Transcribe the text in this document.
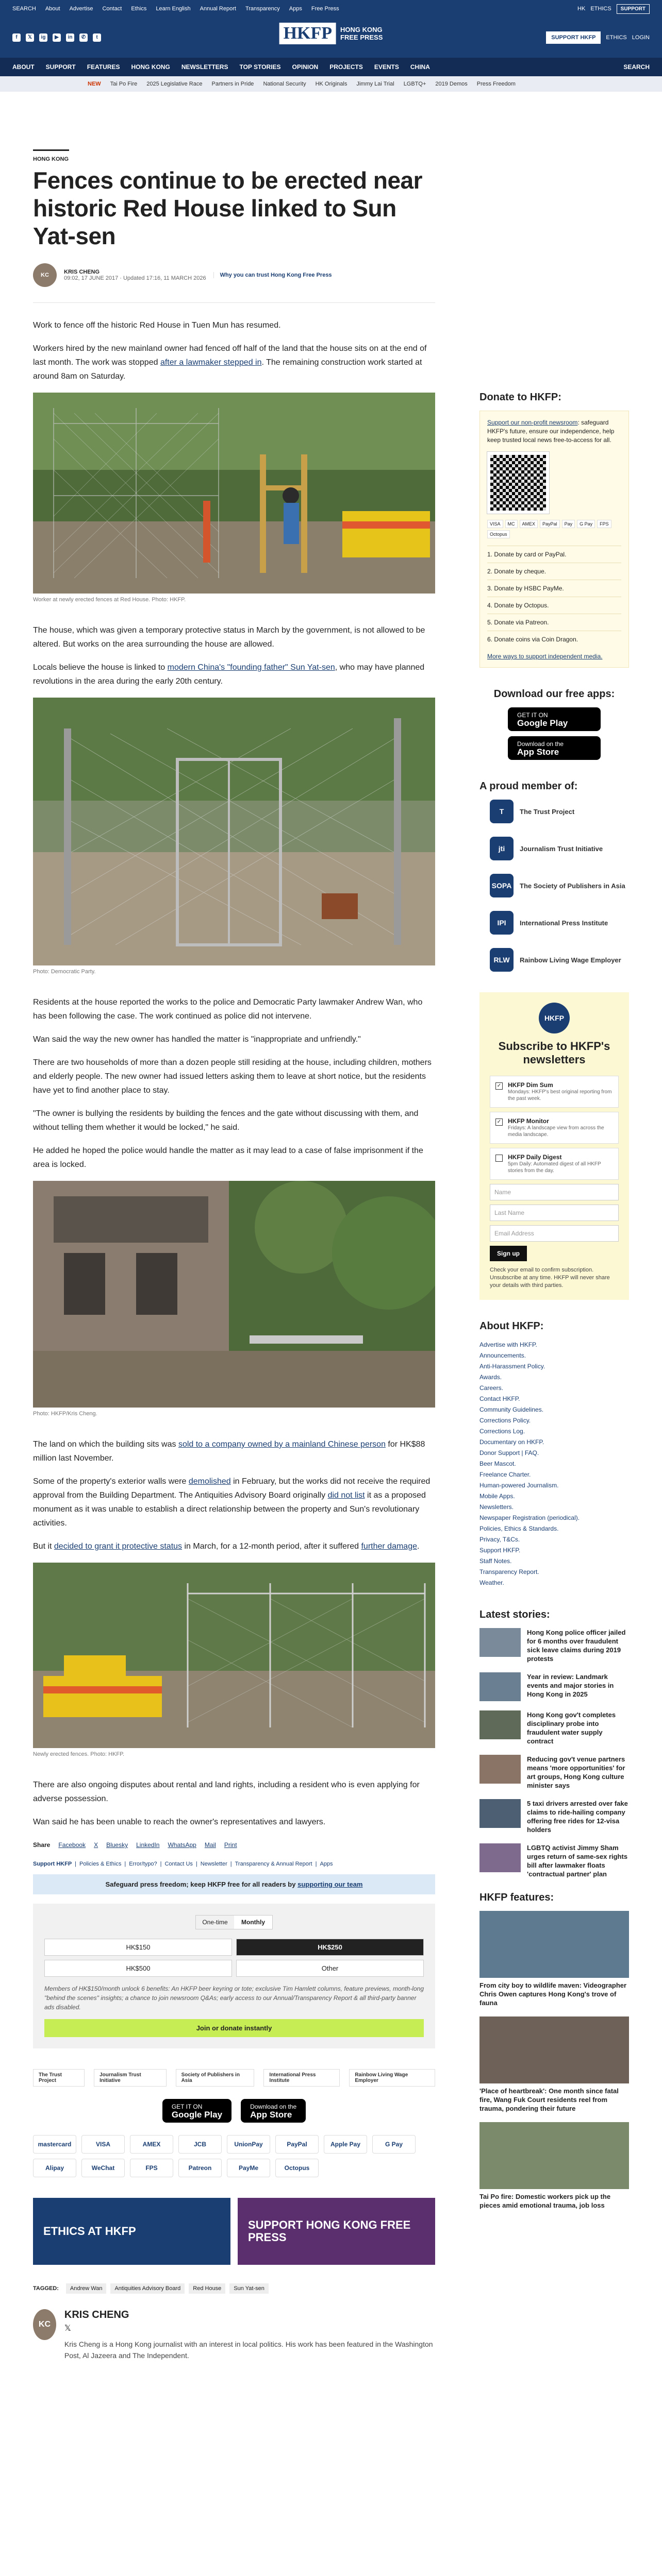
SEARCH About Advertise Contact Ethics Learn English Annual Report Transparency Apps Free Press	HK ETHICS	SUPPORT
f	𝕏	ig	▶	in	✆	t	SUPPORT HKFP	ETHICS LOGIN
HKFP	HONG KONG
FREE PRESS
ABOUT SUPPORT FEATURES HONG KONG NEWSLETTERS TOP STORIES OPINION PROJECTS EVENTS CHINA	SEARCH
NEW Tai Po Fire 2025 Legislative Race Partners in Pride National Security HK Originals Jimmy Lai Trial LGBTQ+ 2019 Demos Press Freedom
HONG KONG
Fences continue to be erected near historic Red House linked to Sun Yat-sen
KC	KRIS CHENG
09:02, 17 JUNE 2017 · Updated 17:16, 11 MARCH 2026	Why you can trust Hong Kong Free Press

Work to fence off the historic Red House in Tuen Mun has resumed.

Workers hired by the new mainland owner had fenced off half of the land that the house sits on at the end of last month. The work was stopped after a lawmaker stepped in. The remaining construction work started at around 8am on Saturday.

Worker at newly erected fences at Red House. Photo: HKFP.

The house, which was given a temporary protective status in March by the government, is not allowed to be altered. But works on the area surrounding the house are allowed.

Locals believe the house is linked to modern China's "founding father" Sun Yat-sen, who may have planned revolutions in the area during the early 20th century.

Photo: Democratic Party.

Residents at the house reported the works to the police and Democratic Party lawmaker Andrew Wan, who has been following the case. The work continued as police did not intervene.

Wan said the way the new owner has handled the matter is "inappropriate and unfriendly."

There are two households of more than a dozen people still residing at the house, including children, mothers and elderly people. The new owner had issued letters asking them to leave at short notice, but the residents have yet to find another place to stay.

"The owner is bullying the residents by building the fences and the gate without discussing with them, and without telling them whether it would be locked," he said.

He added he hoped the police would handle the matter as it may lead to a case of false imprisonment if the area is locked.

Photo: HKFP/Kris Cheng.

The land on which the building sits was sold to a company owned by a mainland Chinese person for HK$88 million last November.

Some of the property's exterior walls were demolished in February, but the works did not receive the required approval from the Building Department. The Antiquities Advisory Board originally did not list it as a proposed monument as it was unable to establish a direct relationship between the property and Sun's revolutionary activities.

But it decided to grant it protective status in March, for a 12-month period, after it suffered further damage.

Newly erected fences. Photo: HKFP.

There are also ongoing disputes about rental and land rights, including a resident who is even applying for adverse possession.

Wan said he has been unable to reach the owner's representatives and lawyers.

Share Facebook X Bluesky LinkedIn WhatsApp Mail Print
Support HKFP | Policies & Ethics | Error/typo? | Contact Us | Newsletter | Transparency & Annual Report | Apps
Safeguard press freedom; keep HKFP free for all readers by supporting our team
One-time	Monthly
HK$150	HK$250
HK$500	Other
Members of HK$150/month unlock 6 benefits: An HKFP beer keyring or tote; exclusive Tim Hamlett columns, feature previews, month-long "behind the scenes" insights; a chance to join newsroom Q&As; early access to our Annual/Transparency Report & all third-party banner ads disabled.
Join or donate instantly
The Trust Project
Journalism Trust Initiative
Society of Publishers in Asia
International Press Institute
Rainbow Living Wage Employer
GET IT ON
Google Play
Download on the
App Store
mastercard	VISA	AMEX	JCB	UnionPay	PayPal	Apple Pay	G Pay
Alipay	WeChat	FPS	Patreon	PayMe	Octopus
ETHICS AT HKFP	SUPPORT HONG KONG FREE PRESS
TAGGED:	Andrew Wan	Antiquities Advisory Board	Red House	Sun Yat-sen
KC
KRIS CHENG
𝕏
Kris Cheng is a Hong Kong journalist with an interest in local politics. His work has been featured in the Washington Post, Al Jazeera and The Independent.
Donate to HKFP:
Support our non-profit newsroom: safeguard HKFP's future, ensure our independence, help keep trusted local news free-to-access for all.
VISA	MC	AMEX	PayPal	Pay	G Pay	FPS
Octopus
1. Donate by card or PayPal.
2. Donate by cheque.
3. Donate by HSBC PayMe.
4. Donate by Octopus.
5. Donate via Patreon.
6. Donate coins via Coin Dragon.
More ways to support independent media.
Download our free apps:
GET IT ON
Google Play
Download on the
App Store
A proud member of:
T	The Trust Project
jti	Journalism Trust Initiative
SOPA The Society of Publishers in Asia
IPI	International Press Institute
RLW	Rainbow Living Wage Employer
HKFP
Subscribe to HKFP's newsletters
✓ HKFP Dim Sum
Mondays: HKFP's best original reporting from the past week.
✓ HKFP Monitor
Fridays: A landscape view from across the media landscape.
HKFP Daily Digest
5pm Daily: Automated digest of all HKFP stories from the day.
Name
Last Name
Email Address
Sign up
Check your email to confirm subscription. Unsubscribe at any time. HKFP will never share your details with third parties.
About HKFP:
Advertise with HKFP.
Announcements.
Anti-Harassment Policy.
Awards.
Careers.
Contact HKFP.
Community Guidelines.
Corrections Policy.
Corrections Log.
Documentary on HKFP.
Donor Support | FAQ.
Beer Mascot.
Freelance Charter.
Human-powered Journalism.
Mobile Apps.
Newsletters.
Newspaper Registration (periodical).
Policies, Ethics & Standards.
Privacy, T&Cs.
Support HKFP.
Staff Notes.
Transparency Report.
Weather.
Latest stories:
Hong Kong police officer jailed for 6 months over fraudulent sick leave claims during 2019 protests
Year in review: Landmark events and major stories in Hong Kong in 2025
Hong Kong gov't completes disciplinary probe into fraudulent water supply contract
Reducing gov't venue partners means 'more opportunities' for art groups, Hong Kong culture minister says
5 taxi drivers arrested over fake claims to ride-hailing company offering free rides for 12-visa holders
LGBTQ activist Jimmy Sham urges return of same-sex rights bill after lawmaker floats 'contractual partner' plan
HKFP features:
From city boy to wildlife maven: Videographer Chris Owen captures Hong Kong's trove of fauna
'Place of heartbreak': One month since fatal fire, Wang Fuk Court residents reel from trauma, pondering their future
Tai Po fire: Domestic workers pick up the pieces amid emotional trauma, job loss
